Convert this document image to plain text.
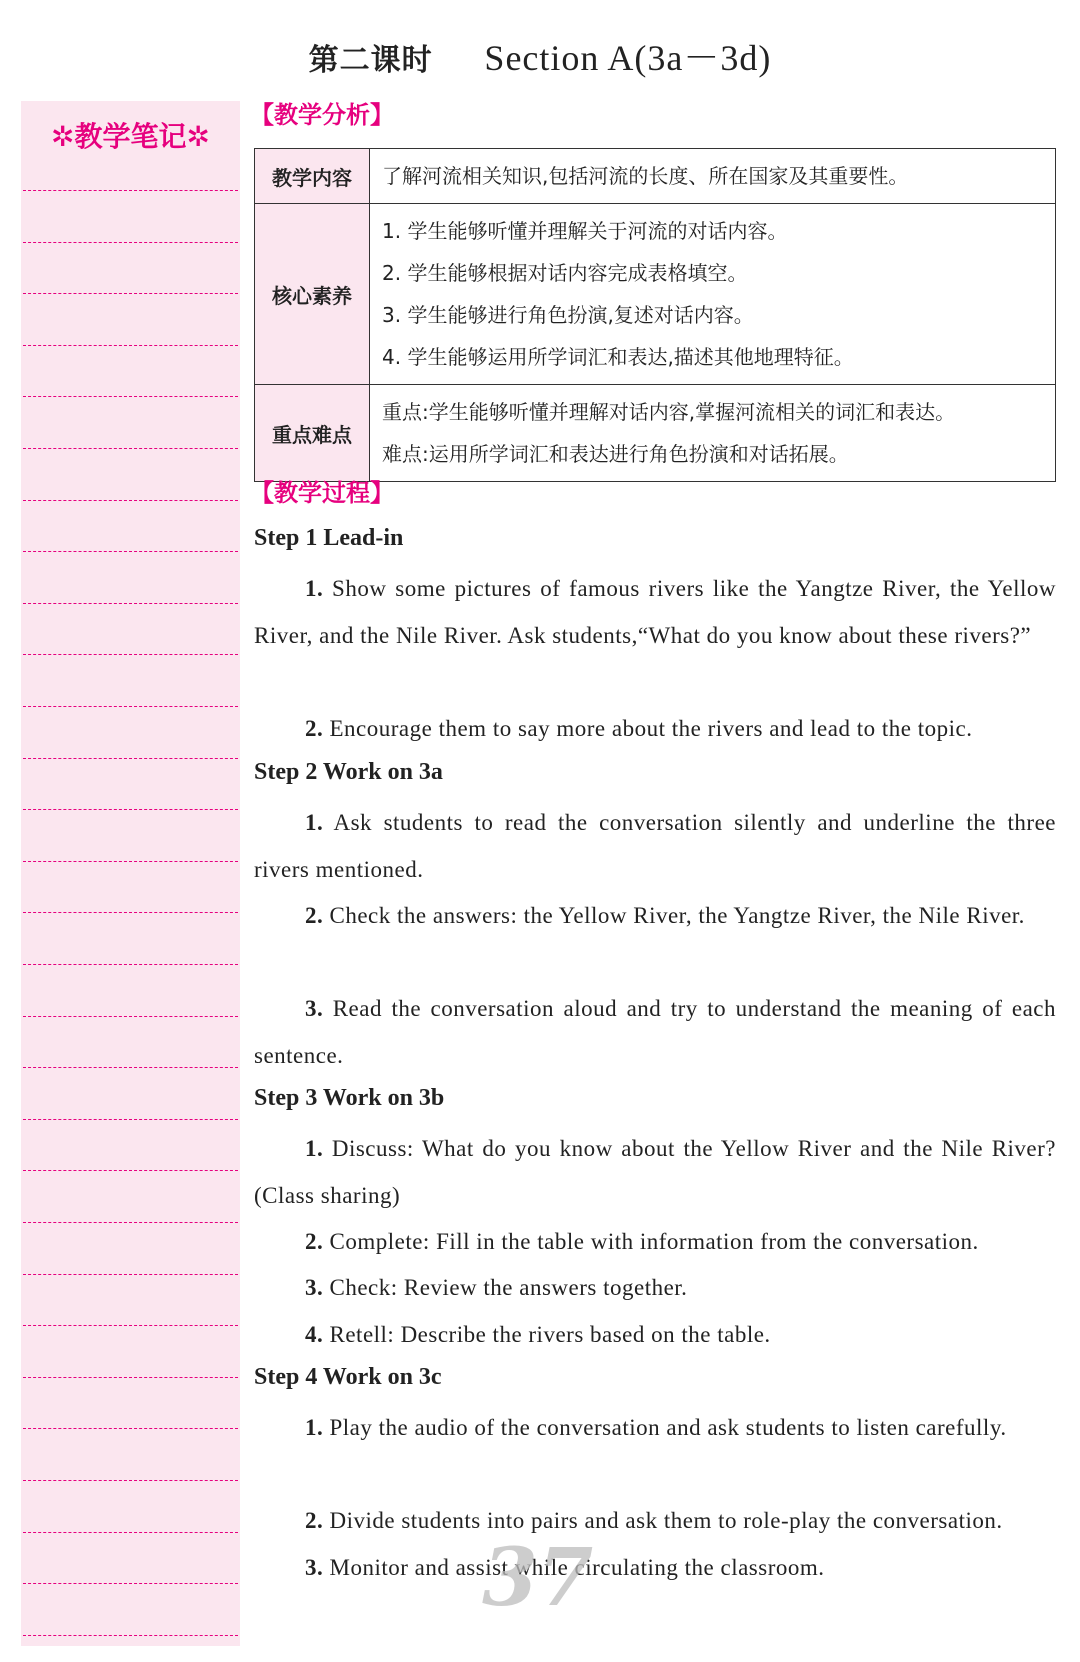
第二课时 Section A(3a－3d)
✲教学笔记✲
【教学分析】
教学内容	了解河流相关知识,包括河流的长度、所在国家及其重要性。

核心素养	1. 学生能够听懂并理解关于河流的对话内容。
2. 学生能够根据对话内容完成表格填空。
3. 学生能够进行角色扮演,复述对话内容。
4. 学生能够运用所学词汇和表达,描述其他地理特征。

重点难点	重点:学生能够听懂并理解对话内容,掌握河流相关的词汇和表达。
难点:运用所学词汇和表达进行角色扮演和对话拓展。
【教学过程】
Step 1 Lead-in
1. Show some pictures of famous rivers like the Yangtze River, the Yellow River, and the Nile River. Ask students,“What do you know about these rivers?”
2. Encourage them to say more about the rivers and lead to the topic.
Step 2 Work on 3a
1. Ask students to read the conversation silently and underline the three rivers mentioned.
2. Check the answers: the Yellow River, the Yangtze River, the Nile River.
3. Read the conversation aloud and try to understand the meaning of each sentence.
Step 3 Work on 3b
1. Discuss: What do you know about the Yellow River and the Nile River? (Class sharing)
2. Complete: Fill in the table with information from the conversation.
3. Check: Review the answers together.
4. Retell: Describe the rivers based on the table.
Step 4 Work on 3c
1. Play the audio of the conversation and ask students to listen carefully.
2. Divide students into pairs and ask them to role-play the conversation.
3. Monitor and assist while circulating the classroom.
37
